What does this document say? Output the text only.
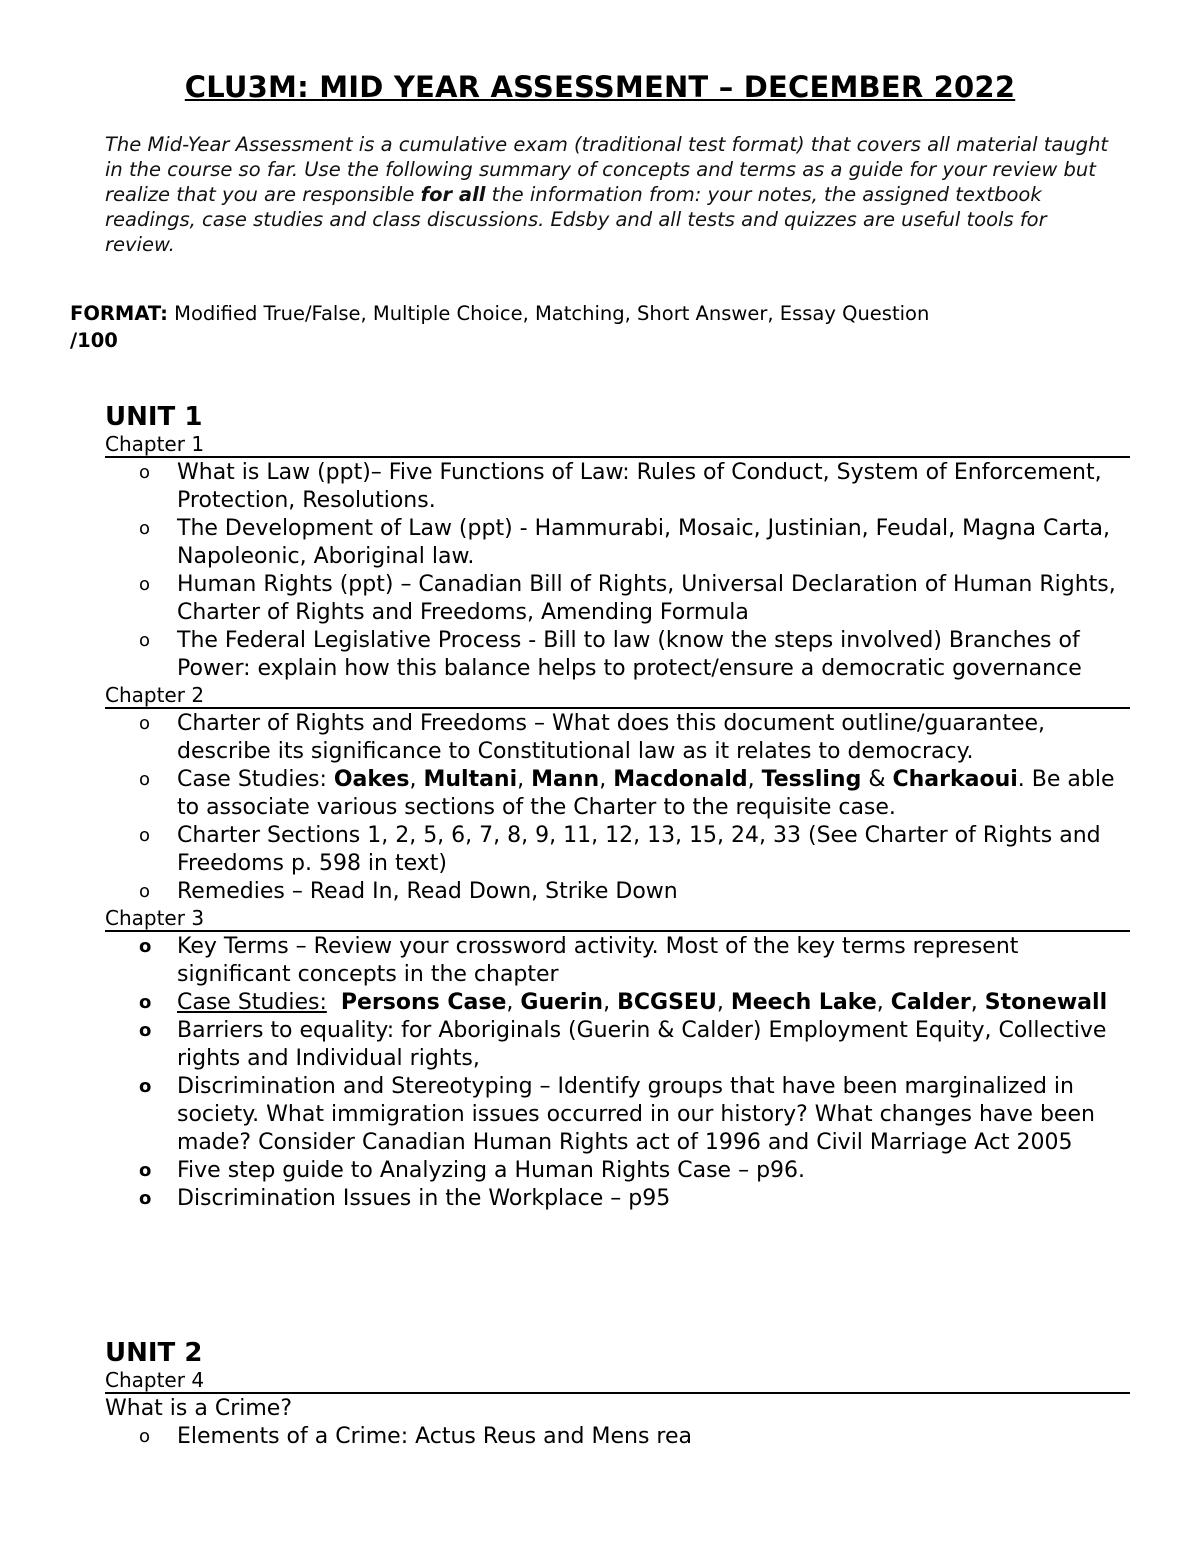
CLU3M: MID YEAR ASSESSMENT – DECEMBER 2022
The Mid-Year Assessment is a cumulative exam (traditional test format) that covers all material taught in the course so far. Use the following summary of concepts and terms as a guide for your review but realize that you are responsible for all the information from: your notes, the assigned textbook readings, case studies and class discussions. Edsby and all tests and quizzes are useful tools for review.
FORMAT: Modified True/False, Multiple Choice, Matching, Short Answer, Essay Question
/100
UNIT 1
Chapter 1
o What is Law (ppt)– Five Functions of Law: Rules of Conduct, System of Enforcement, Protection, Resolutions.
o The Development of Law (ppt) - Hammurabi, Mosaic, Justinian, Feudal, Magna Carta, Napoleonic, Aboriginal law.
o Human Rights (ppt) – Canadian Bill of Rights, Universal Declaration of Human Rights, Charter of Rights and Freedoms, Amending Formula
o The Federal Legislative Process - Bill to law (know the steps involved) Branches of Power: explain how this balance helps to protect/ensure a democratic governance
Chapter 2
o Charter of Rights and Freedoms – What does this document outline/guarantee, describe its significance to Constitutional law as it relates to democracy.
o Case Studies: Oakes, Multani, Mann, Macdonald, Tessling & Charkaoui. Be able to associate various sections of the Charter to the requisite case.
o Charter Sections 1, 2, 5, 6, 7, 8, 9, 11, 12, 13, 15, 24, 33 (See Charter of Rights and Freedoms p. 598 in text)
o Remedies – Read In, Read Down, Strike Down
Chapter 3
o Key Terms – Review your crossword activity. Most of the key terms represent significant concepts in the chapter
o Case Studies: Persons Case, Guerin, BCGSEU, Meech Lake, Calder, Stonewall
o Barriers to equality: for Aboriginals (Guerin & Calder) Employment Equity, Collective rights and Individual rights,
o Discrimination and Stereotyping – Identify groups that have been marginalized in society. What immigration issues occurred in our history? What changes have been made? Consider Canadian Human Rights act of 1996 and Civil Marriage Act 2005
o Five step guide to Analyzing a Human Rights Case – p96.
o Discrimination Issues in the Workplace – p95
UNIT 2
Chapter 4
What is a Crime?
o Elements of a Crime: Actus Reus and Mens rea
